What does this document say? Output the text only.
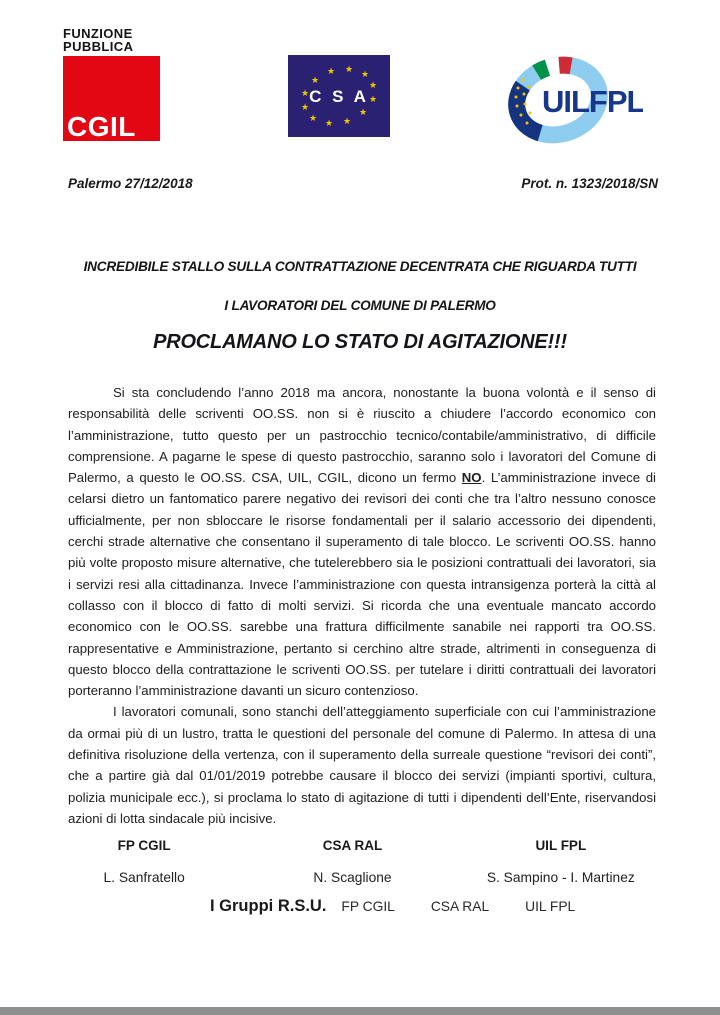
FUNZIONE
PUBBLICA
CGIL
★
★
★
★
★
★
★
★
★
★ ★ ★
C S A	UILFPL
Palermo 27/12/2018	Prot. n. 1323/2018/SN
INCREDIBILE STALLO SULLA CONTRATTAZIONE DECENTRATA CHE RIGUARDA TUTTI
I LAVORATORI DEL COMUNE DI PALERMO
PROCLAMANO LO STATO DI AGITAZIONE!!!

Si sta concludendo l’anno 2018 ma ancora, nonostante la buona volontà e il senso di responsabilità delle scriventi OO.SS. non si è riuscito a chiudere l’accordo economico con l’amministrazione, tutto questo per un pastrocchio tecnico/contabile/amministrativo, di difficile comprensione. A pagarne le spese di questo pastrocchio, saranno solo i lavoratori del Comune di Palermo, a questo le OO.SS. CSA, UIL, CGIL, dicono un fermo NO. L’amministrazione invece di celarsi dietro un fantomatico parere negativo dei revisori dei conti che tra l’altro nessuno conosce ufficialmente, per non sbloccare le risorse fondamentali per il salario accessorio dei dipendenti, cerchi strade alternative che consentano il superamento di tale blocco. Le scriventi OO.SS. hanno più volte proposto misure alternative, che tutelerebbero sia le posizioni contrattuali dei lavoratori, sia i servizi resi alla cittadinanza. Invece l’amministrazione con questa intransigenza porterà la città al collasso con il blocco di fatto di molti servizi. Si ricorda che una eventuale mancato accordo economico con le OO.SS. sarebbe una frattura difficilmente sanabile nei rapporti tra OO.SS. rappresentative e Amministrazione, pertanto si cerchino altre strade, altrimenti in conseguenza di questo blocco della contrattazione le scriventi OO.SS. per tutelare i diritti contrattuali dei lavoratori porteranno l’amministrazione davanti un sicuro contenzioso.

I lavoratori comunali, sono stanchi dell’atteggiamento superficiale con cui l’amministrazione da ormai più di un lustro, tratta le questioni del personale del comune di Palermo. In attesa di una definitiva risoluzione della vertenza, con il superamento della surreale questione “revisori dei conti”, che a partire già dal 01/01/2019 potrebbe causare il blocco dei servizi (impianti sportivi, cultura, polizia municipale ecc.), si proclama lo stato di agitazione di tutti i dipendenti dell’Ente, riservandosi azioni di lotta sindacale più incisive.

FP CGIL
L. Sanfratello
CSA RAL
N. Scaglione
UIL FPL
S. Sampino - I. Martinez
I Gruppi R.S.U. FP CGIL	CSA RAL	UIL FPL
